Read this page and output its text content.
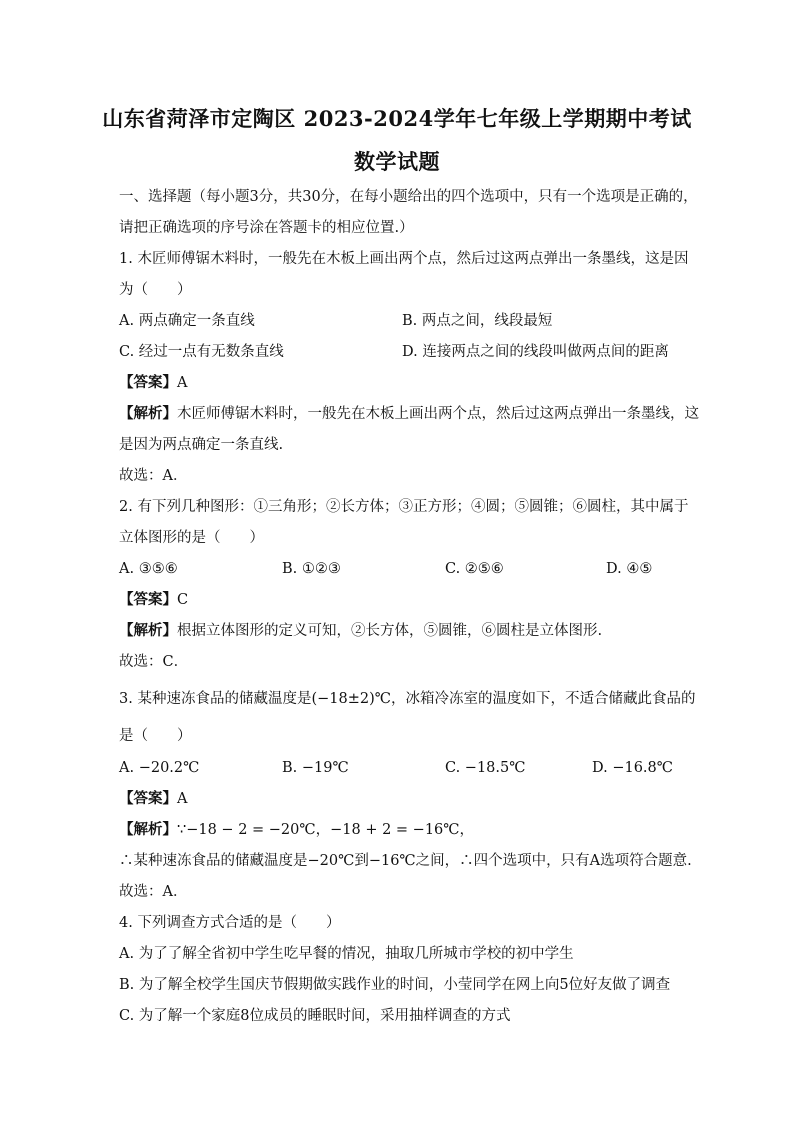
山东省菏泽市定陶区 2023-2024学年七年级上学期期中考试
数学试题
一、选择题（每小题3分，共30分，在每小题给出的四个选项中，只有一个选项是正确的，
请把正确选项的序号涂在答题卡的相应位置.）
1. 木匠师傅锯木料时，一般先在木板上画出两个点，然后过这两点弹出一条墨线，这是因
为（　　）
A. 两点确定一条直线	B. 两点之间，线段最短
C. 经过一点有无数条直线	D. 连接两点之间的线段叫做两点间的距离
【答案】A
【解析】木匠师傅锯木料时，一般先在木板上画出两个点，然后过这两点弹出一条墨线，这
是因为两点确定一条直线.
故选：A．
2. 有下列几种图形：①三角形；②长方体；③正方形；④圆；⑤圆锥；⑥圆柱，其中属于
立体图形的是（　　）
A. ③⑤⑥	B. ①②③	C. ②⑤⑥	D. ④⑤
【答案】C
【解析】根据立体图形的定义可知，②长方体，⑤圆锥，⑥圆柱是立体图形.
故选：C．
3. 某种速冻食品的储藏温度是(−18±2)℃，冰箱冷冻室的温度如下，不适合储藏此食品的
是（　　）
A. −20.2℃	B. −19℃	C. −18.5℃	D. −16.8℃
【答案】A
【解析】∵−18 − 2 = −20℃，−18 + 2 = −16℃，
∴某种速冻食品的储藏温度是−20℃到−16℃之间，∴四个选项中，只有A选项符合题意.
故选：A．
4. 下列调查方式合适的是（　　）
A. 为了了解全省初中学生吃早餐的情况，抽取几所城市学校的初中学生
B. 为了解全校学生国庆节假期做实践作业的时间，小莹同学在网上向5位好友做了调查
C. 为了解一个家庭8位成员的睡眠时间，采用抽样调查的方式
